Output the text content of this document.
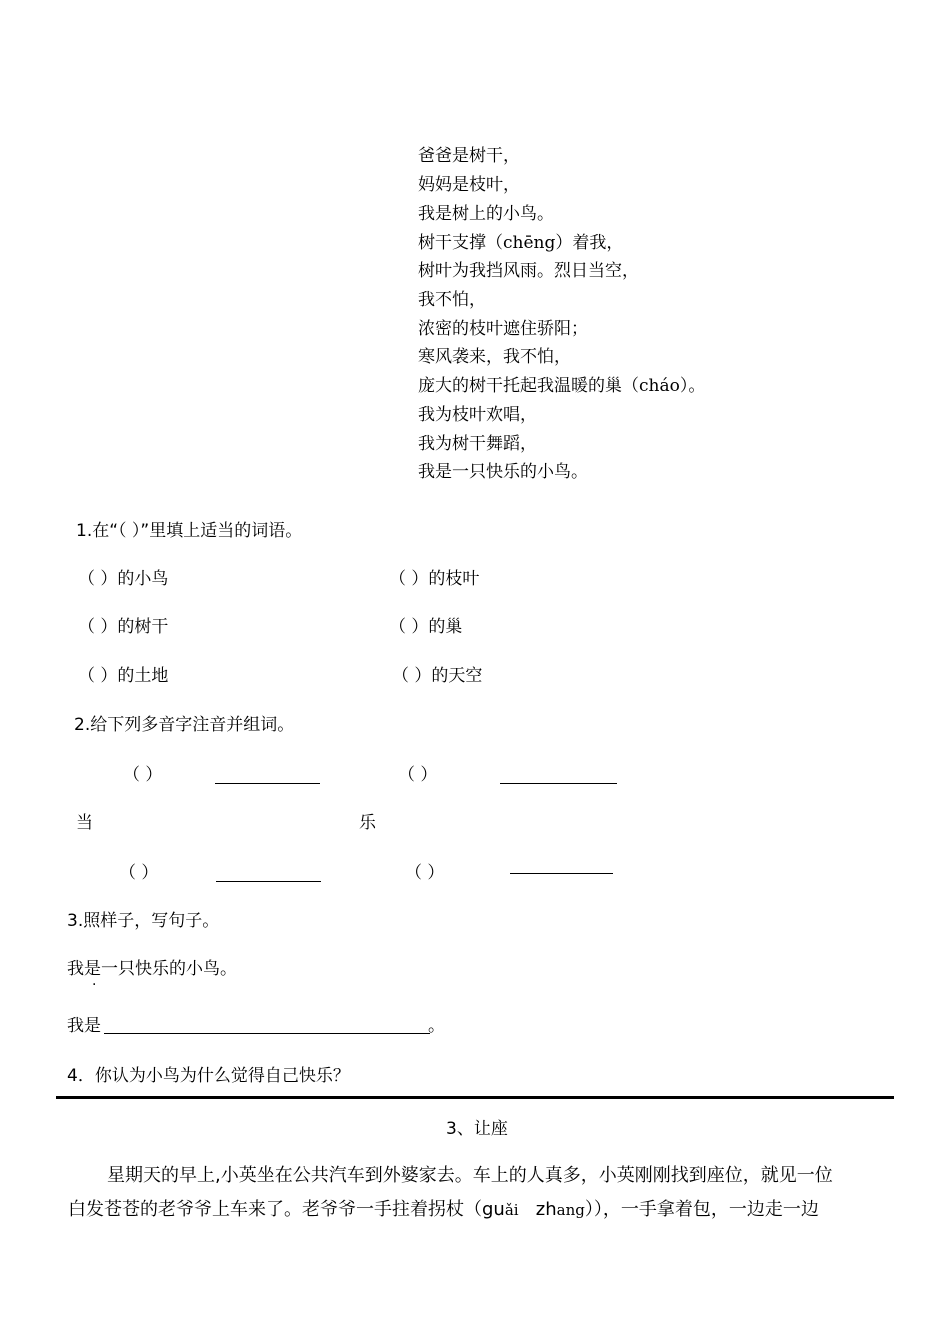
爸爸是树干，
妈妈是枝叶，
我是树上的小鸟。
树干支撑（chēng）着我，
树叶为我挡风雨。烈日当空，
我不怕，
浓密的枝叶遮住骄阳；
寒风袭来，我不怕，
庞大的树干托起我温暖的巢（cháo）。
我为枝叶欢唱，
我为树干舞蹈，
我是一只快乐的小鸟。
1.在“（ ）”里填上适当的词语。
（ ）的小鸟	（ ）的枝叶
（ ）的树干	（ ）的巢
（ ）的土地	（ ）的天空
2.给下列多音字注音并组词。
（ ）	（ ）
当	乐
（ ）	（ ）
3.照样子，写句子。
我是一只快乐的小鸟。
·
我是	。
4．你认为小鸟为什么觉得自己快乐？
3、让座
星期天的早上,小英坐在公共汽车到外婆家去。车上的人真多，小英刚刚找到座位，就见一位
白发苍苍的老爷爷上车来了。老爷爷一手拄着拐杖（guǎi   zhang）），一手拿着包，一边走一边
